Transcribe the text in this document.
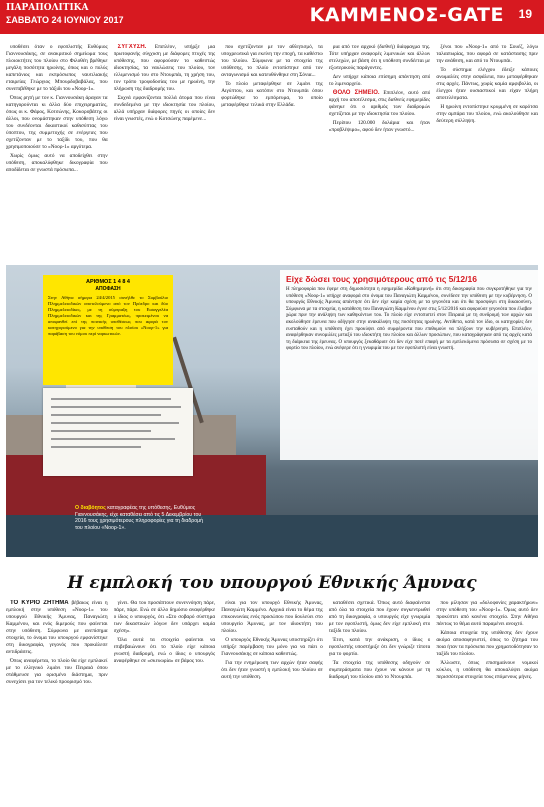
ΠΑΡΑΠΟΛΙΤΙΚΑ
ΣΑΒΒΑΤΟ 24 ΙΟΥΝΙΟΥ 2017	ΚΑΜΜΕΝΟΣ-GATE 19

υποθέσει όταν ο εφοπλιστής Ευθύμιος Γιαννουσάκης, σε ανακριτικό σημείωμα τους πλοιοκτήτες του πλοίου στο Φιλοθέη βρέθηκε μεγάλη ποσότητα ηρωίνης, όπως και ο πολύς καπετάνιος και εκπρόσωπος ναυτιλιακής εταιρείας Γεώργιος Μπουρδοβαβάλας, που συνεπιβέθηκε με το τάξιδι του «Νοορ-1».

Όπως ρητή με τον κ. Γιαννουσάκη άραγαν τα κατηγορούνται κι άλλα δύο επιχειρηματίες, όπως οι κ. Φάρος, Κοτσώνης, Κοκοροβάτης οι άλλοι, που ονομάστηκαν στην υπόθεση λόγω του συνδέονται δικαστικοί καθισύπτας του ύποπτου, της συμμετοχής σε ενέργειες που σχετίζονταν με το ταξίδι του, που θα χρησιμοποιούσε το «Νοορ-1» αργότερα.

Χωρίς όμως αυτό να αποδείχθει στην υπόθεση, αποκαλύφθηκε δικογραφία που αποδίδεται σε γνωστά πρόσωπα...

ΣΥΓΧΥΣΗ. Επιπλέον, υπήρξε μια πρωτοφανής σύγχυση με διάφορες πτυχές της υπόθεσης, που αφορούσαν το καθεστώς ιδιοκτησίας, τα ναυλώσεις του πλοίου, τον ελλιμενισμό του στο Ντουμπάι, τη χρήση του, τον τρόπο τροφοδοσίας του με ηρωίνη, την πλήρωση της διαδρομής του.

Συχνά εμφανίζονται πολλά άτομα που είναι συνδεδεμένα με την ιδιοκτησία του πλοίου, αλλά υπήρχαν διάφορες πηγές οι οποίες δεν είναι γνωστές, ενώ ο Κοτσώνης παρέμενε...

που σχετίζονταν με τον αθλητισμό, τα υποχρεωτικά για εκείνη την εποχή, τα καθέστω του πλοίου. Σύμφωνα με τα στοιχεία της υπόθεσης, το πλοίο εντοπίστηκε από τον ανταγωνισμό και κατευθύνθηκε στη Σόνια...

Το πλοίο μεταφέρθηκε σε λιμάνι της Αιγύπτου, και κατόπιν στο Ντουμπάι όπου φορτώθηκε το εμπόρευμα, το οποίο μεταφέρθηκε τελικά στην Ελλάδα.

ρια από τον αρχικό (διεθνή) διάφραγμα της. Τότε υπήρχαν αναφορές λιμενικών και άλλων στελεχών, με βάση ότι η υπόθεση συνδέεται με εξωτερικούς παράγοντες.

Δεν υπήρχε κάποια επίσημη απάντηση από το λιμεναρχείο.

ΘΟΛΟ ΣΗΜΕΙΟ. Επιπλέον, αυτό από αρχή του αποτέλεσμα, στις διεθνείς εφημερίδες φάνηκε ότι ο αριθμός των διαδρομών σχετίζεται με την ιδιοκτησία του πλοίου.

Περίπου 120.000 δολάρια και ήταν «προβλέψιμο», αφού δεν ήταν γνωστό...

ξένοι που «Νοορ-1» από το Σουέζ, λόγω ταλαιπωρίας, που αφορά σε κατάστασης πριν την ανάθεση, και από το Ντουμπάι.

Το σύστημα ελέγχου έδειξε κάποιες ανωμαλίες στην ασφάλεια, που μεταφέρθηκαν στις αρχές. Πάντως, χωρίς καμία αμφιβολία, οι έλεγχοι ήταν ουσιαστικοί και είχαν πλήρη αποτελέσματα.

Η ηρωίνη εντοπίστηκε κρυμμένη σε καρότσα στην αμπάρα του πλοίου, ενώ ακολούθησε και δεύτερη σύλληψη.

ΑΡΙΘΜΟΣ 1 4 8 4
ΑΠΟΦΑΣΗ
Στην Αθήνα σήμερα 24/4/2015 συνήλθε το Συμβούλιο Πλημμελειοδικών αποτελούμενο από τον Πρόεδρο και δύο Πλημμελειοδίκες, με τη σύμπραξη του Εισαγγελέα Πλημμελειοδικών και της Γραμματέως, προκειμένου να αποφανθεί επί της ποινικής υποθέσεως που αφορά τον κατηγορούμενο για την υπόθεση του πλοίου «Νοορ-1» για παράβαση του νόμου περί ναρκωτικών.
Είχε δώσει τους χρησιμότερους από τις 5/12/16
Η πληροφορία που έφερε στη δημοσιότητα η εφημερίδα «Καθημερινή» ότι στη δικογραφία που συγκροτήθηκε για την υπόθεση «Νοορ-1» υπήρχε αναφορά στο όνομα του Παναγιώτη Καμμένου, συνέδεσε την υπόθεση με την κυβέρνηση. Ο υπουργός Εθνικής Άμυνας απάντησε ότι δεν είχε καμία σχέση με τα γεγονότα και ότι θα προσφύγει στη δικαιοσύνη. Σύμφωνα με τα στοιχεία, η κατάθεση του Παναγιώτη Καμμένου έγινε στις 5/12/2016 και αφορούσε γεγονότα που έλαβαν χώρα πριν την ανάληψη των καθηκόντων του. Το πλοίο είχε εντοπιστεί στον Πειραιά με τη συνδρομή των αρχών και ακολούθησε έρευνα που οδήγησε στην ανακάλυψη της ποσότητας ηρωίνης. Αντίθετα, κατά τον ίδιο, οι κατηγορίες δεν ευσταθούν και η υπόθεση έχει προκύψει από συμφέροντα που επιθυμούν να πλήξουν την κυβέρνηση. Επιπλέον, αναφέρθηκαν συνομιλίες μεταξύ του ιδιοκτήτη του πλοίου και άλλων προσώπων, που καταγράφηκαν από τις αρχές κατά τη διάρκεια της έρευνας. Ο υπουργός ξεκαθάρισε ότι δεν είχε ποτέ επαφή με τα εμπλεκόμενα πρόσωπα σε σχέση με το φορτίο του πλοίου, ενώ ανέφερε ότι η γνωριμία του με τον εφοπλιστή είναι γνωστή.
Ο διαβόητος καταγραφέας της υπόθεσης, Ευθύμιος Γιαννουσάκης, είχε καταθέσει από τις 5 Δεκεμβρίου του 2016 τους χρησιμότερους πληροφορίες για τη διαδρομή του πλοίου «Νοορ-1».
Η εμπλοκή του υπουργού Εθνικής Άμυνας

ΤΟ ΚΥΡΙΟ ΖΗΤΗΜΑ βέβαιως είναι η εμπλοκή στην υπόθεση «Νοορ-1» του υπουργού Εθνικής Άμυνας, Παναγιώτη Καμμένου, και ενός διμερούς που φαίνεται στην υπόθεση. Σύμφωνα με ανεπίσημα στοιχεία, το όνομα του υπουργού εμφανίστηκε στη δικογραφία, γεγονός που προκάλεσε αντιδράσεις.

Όπως αναφέρεται, το πλοίο θα είχε εμπλακεί με το ελληνικό λιμάνι του Πειραιά όπου στάθμευσε για ορισμένο διάστημα, πριν συνεχίσει για τον τελικό προορισμό του.

γίνει. Θα του προσάπτουν συνεννόηση πάρε, πάρε, πάρε. Ενώ σε άλλο δημόσιο αναφέρθηκε ο ίδιος ο υπουργός, ότι «Στο σοβαρό σύστημα των δικαστικών λόγων δεν υπάρχει καμία σχέση».

Όλα αυτά τα στοιχεία φαίνεται να επιβεβαιώνουν ότι το πλοίο είχε κάποια γνωστή διαδρομή, ενώ ο ίδιος ο υπουργός αναφέρθηκε σε «σκευωρία» σε βάρος του.

είναι για τον υπουργό Εθνικής Άμυνας, Παναγιώτη Καμμένο. Αρχικά είναι το θέμα της επικοινωνίας ενός προσώπου που δουλεύει στο υπουργείο Άμυνας, με τον ιδιοκτήτη του πλοίου.

Ο υπουργός Εθνικής Άμυνας υποστηρίζει ότι υπήρξε παρέμβαση του μόνο για να πάει ο Γιαννουσάκης σε κάποια καθεστώς.

Για την ενημέρωση των αρχών ήταν σαφής ότι δεν ήταν γνωστή η εμπλοκή του πλοίου σε αυτή την υπόθεση.

καταθέσει σχετικά. Όπως αυτό διαφαίνεται από όλα τα στοιχεία που έχουν συγκεντρωθεί από τη δικογραφία, ο υπουργός είχε γνωριμία με τον εφοπλιστή, όμως δεν είχε εμπλοκή στο ταξίδι του πλοίου.

Έτσι, κατά την ανάκριση, ο ίδιος ο εφοπλιστής υποστήριξε ότι δεν γνώριζε τίποτα για το φορτίο.

Τα στοιχεία της υπόθεσης οδηγούν σε συμπεράσματα που έχουν να κάνουν με τη διαδρομή του πλοίου από το Ντουμπάι.

που μίλησαν για «δολοφονίες χαρακτήρων» στην υπόθεση του «Νοορ-1». Όμως αυτό δεν προκύπτει από κανένα στοιχείο. Στην Αθήνα πάντως το θέμα αυτό παραμένει ανοιχτό.

Κάποια στοιχεία της υπόθεσης δεν έχουν ακόμα αποσαφηνιστεί, όπως το ζήτημα του ποια ήταν τα πρόσωπα που χρηματοδότησαν το ταξίδι του πλοίου.

Άλλωστε, όπως επισημαίνουν νομικοί κύκλοι, η υπόθεση θα αποκαλύψει ακόμα περισσότερα στοιχεία τους επόμενους μήνες.
